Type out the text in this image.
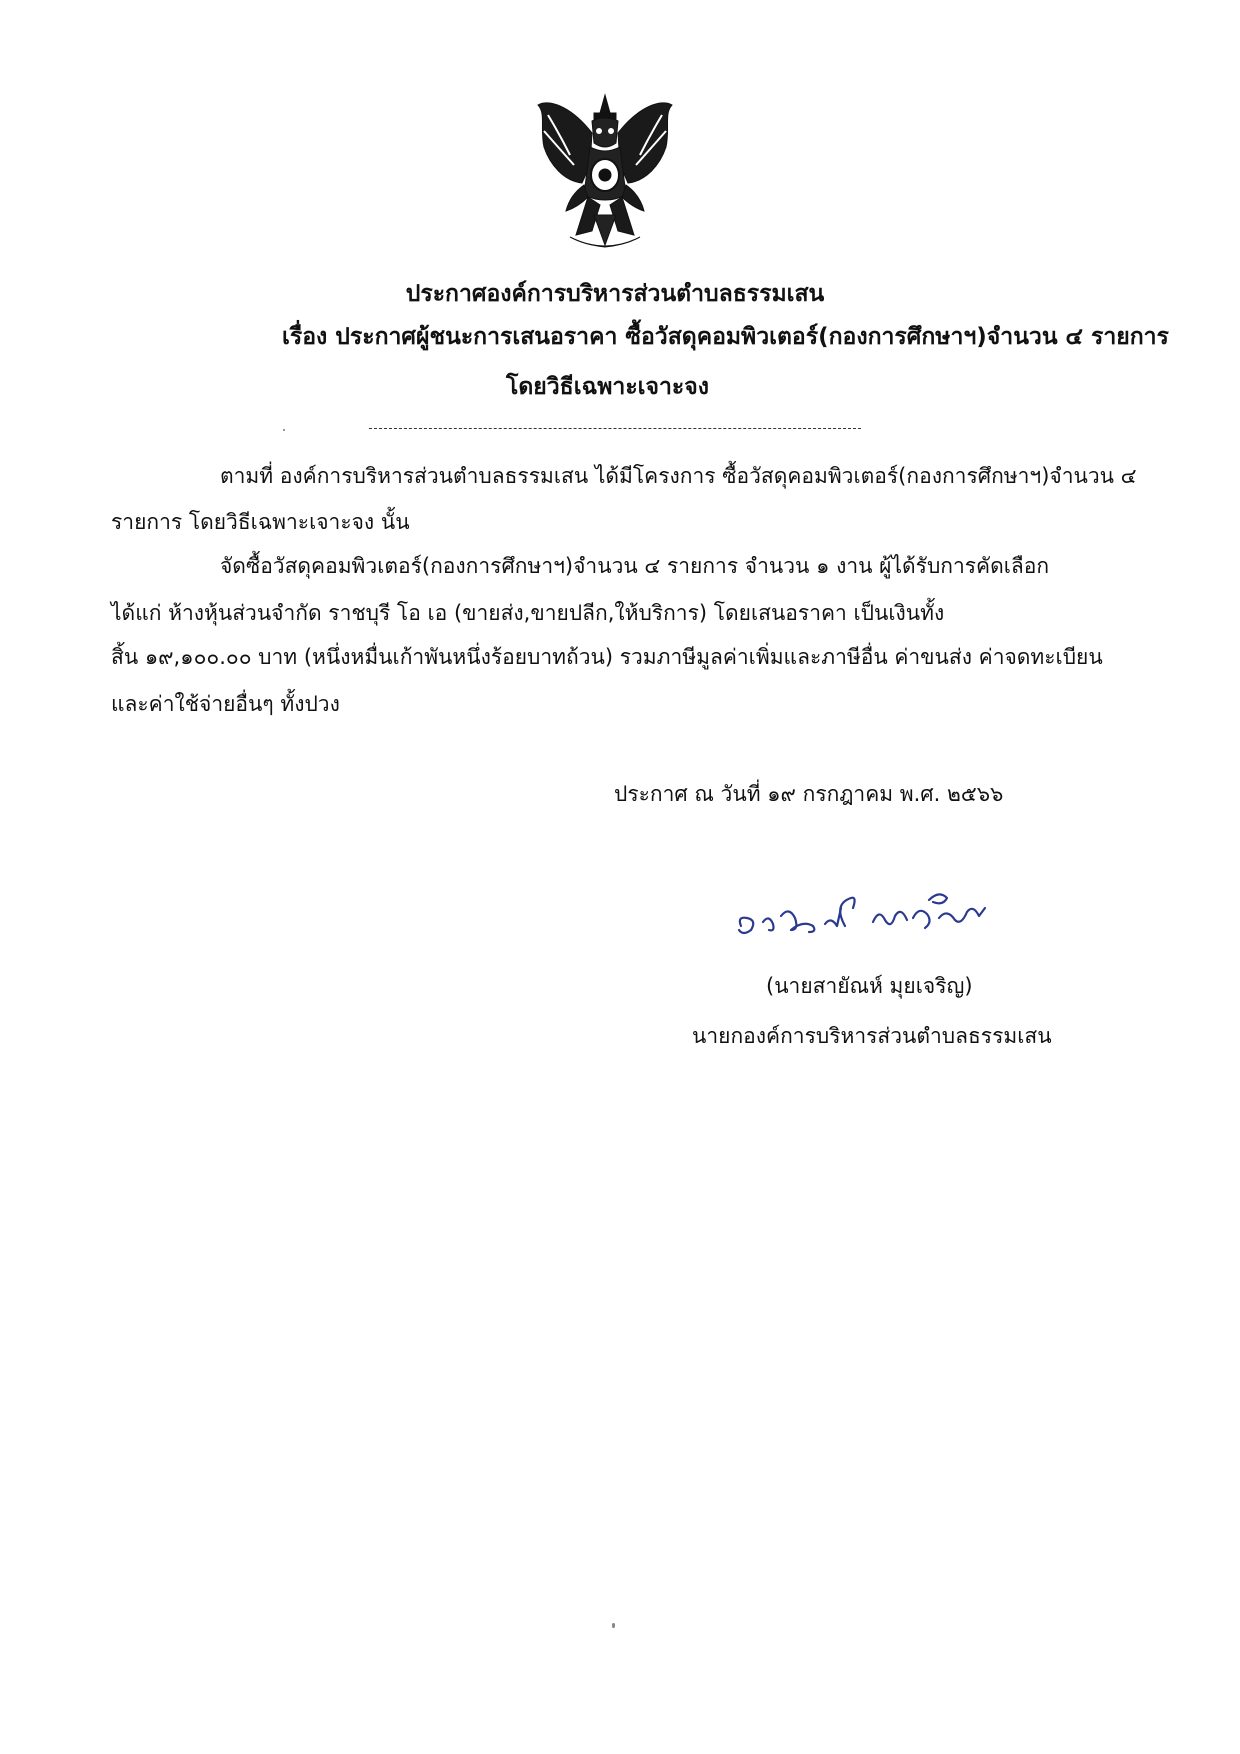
ประกาศองค์การบริหารส่วนตำบลธรรมเสน
เรื่อง ประกาศผู้ชนะการเสนอราคา ซื้อวัสดุคอมพิวเตอร์(กองการศึกษาฯ)จำนวน ๔ รายการ
โดยวิธีเฉพาะเจาะจง
ตามที่ องค์การบริหารส่วนตำบลธรรมเสน ได้มีโครงการ ซื้อวัสดุคอมพิวเตอร์(กองการศึกษาฯ)จำนวน ๔
รายการ โดยวิธีเฉพาะเจาะจง นั้น
จัดซื้อวัสดุคอมพิวเตอร์(กองการศึกษาฯ)จำนวน ๔ รายการ จำนวน ๑ งาน ผู้ได้รับการคัดเลือก
ได้แก่ ห้างหุ้นส่วนจำกัด ราชบุรี โอ เอ (ขายส่ง,ขายปลีก,ให้บริการ) โดยเสนอราคา เป็นเงินทั้ง
สิ้น ๑๙,๑๐๐.๐๐ บาท (หนึ่งหมื่นเก้าพันหนึ่งร้อยบาทถ้วน) รวมภาษีมูลค่าเพิ่มและภาษีอื่น ค่าขนส่ง ค่าจดทะเบียน
และค่าใช้จ่ายอื่นๆ ทั้งปวง
ประกาศ ณ วันที่ ๑๙ กรกฎาคม พ.ศ. ๒๕๖๖
(นายสายัณห์ มุยเจริญ)
นายกองค์การบริหารส่วนตำบลธรรมเสน
